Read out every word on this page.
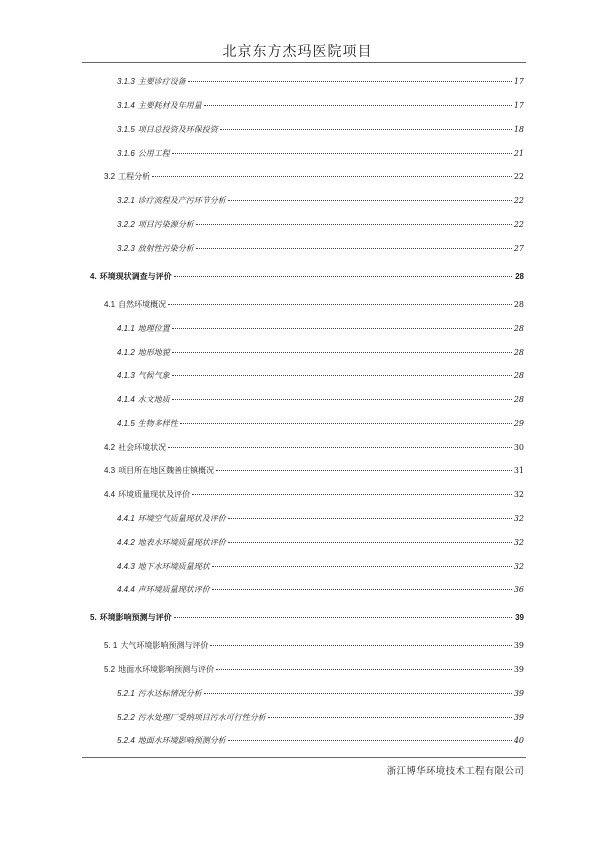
北京东方杰玛医院项目
3.1.3 主要诊疗设备	17
3.1.4 主要耗材及年用量	17
3.1.5 项目总投资及环保投资	18
3.1.6 公用工程	21
3.2 工程分析	22
3.2.1 诊疗流程及产污环节分析	22
3.2.2 项目污染源分析	22
3.2.3 放射性污染分析	27
4. 环境现状调查与评价	28
4.1 自然环境概况	28
4.1.1 地理位置	28
4.1.2 地形地貌	28
4.1.3 气候气象	28
4.1.4 水文地质	28
4.1.5 生物多样性	29
4.2 社会环境状况	30
4.3 项目所在地区魏善庄镇概况	31
4.4 环境质量现状及评价	32
4.4.1 环境空气质量现状及评价	32
4.4.2 地表水环境质量现状评价	32
4.4.3 地下水环境质量现状	32
4.4.4 声环境质量现状评价	36
5. 环境影响预测与评价	39
5. 1 大气环境影响预测与评价	39
5.2 地面水环境影响预测与评价	39
5.2.1 污水达标情况分析	39
5.2.2 污水处理厂受纳项目污水可行性分析	39
5.2.4 地面水环境影响预测分析	40
浙江博华环境技术工程有限公司
